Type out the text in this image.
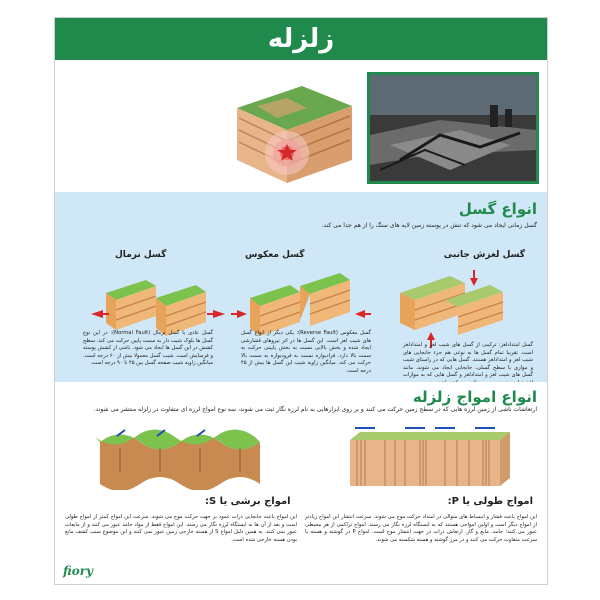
زلزله
انواع گسل
گسل زمانی ایجاد می شود که تنش در پوسته زمین لایه های سنگ را از هم جدا می کند.
گسل لغزش جانبی
گسل معکوس
گسل نرمال
گسل امتدادلغز: ترکیبی از گسل های شیب لغز و امتدادلغز است. تقریبا تمام گسل ها به نوعی هم جزء جابجایی های شیب لغز و امتدادلغز هستند. گسل هایی که در راستای شیب و موازی با سطح گسلی، جابجایی ایجاد می شوند، مانند گسل های شیب لغز و امتدادلغز و گسل هایی که به موازات
گسل معکوس (Reverse Fault): یکی دیگر از انواع گسل های شیب لغز است. این گسل ها در اثر نیروهای فشارشی ایجاد شده و بخش بالایی نسبت به بخش پایینی حرکت به سمت بالا دارد. فرادیواره نسبت به فرودیواره به سمت بالا حرکت می کند. میانگین زاویه شیب این گسل ها بیش از ۴۵ درجه است.
گسل عادی یا گسل نرمال (Normal Fault): در این نوع گسل ها بلوک شیب دار به سمت پایین حرکت می کند. سطح کشش در این گسل ها ایجاد می شود. ناشی از کشش پوسته و فرسایش است. شیب گسل معمولا بیش از ۶۰ درجه است. میانگین زاویه شیب صفحه گسل بین ۴۵ تا ۹۰ درجه است.
انواع امواج زلزله
ارتعاشات ناشی از زمین لرزه هایی که در سطح زمین حرکت می کنند و بر روی ابزارهایی به نام لرزه نگار ثبت می شوند، سه نوع امواج لرزه ای متفاوت در زلزله منتشر می شوند.
امواج برشی یا S:	امواج طولی یا P:
این امواج باعث جابجایی ذرات عمود بر جهت حرکت موج می شوند. سرعت این امواج کمتر از امواج طولی است و بعد از آن ها به ایستگاه لرزه نگار می رسند. این امواج فقط از مواد جامد عبور می کنند و از مایعات عبور نمی کنند. به همین دلیل امواج S از هسته خارجی زمین عبور نمی کنند و این موضوع سبب کشف مایع بودن هسته خارجی شده است.
این امواج باعث فشار و انبساط های متوالی در امتداد حرکت موج می شوند. سرعت انتشار این امواج زیادتر از امواج دیگر است و اولین امواجی هستند که به ایستگاه لرزه نگار می رسند. امواج تراکمی از هر محیطی عبور می کنند؛ جامد، مایع و گاز. ارتعاش ذرات در جهت انتشار موج است. امواج P در گوشته و هسته با سرعت متفاوت حرکت می کنند و در مرز گوشته و هسته شکسته می شوند.
fiory
